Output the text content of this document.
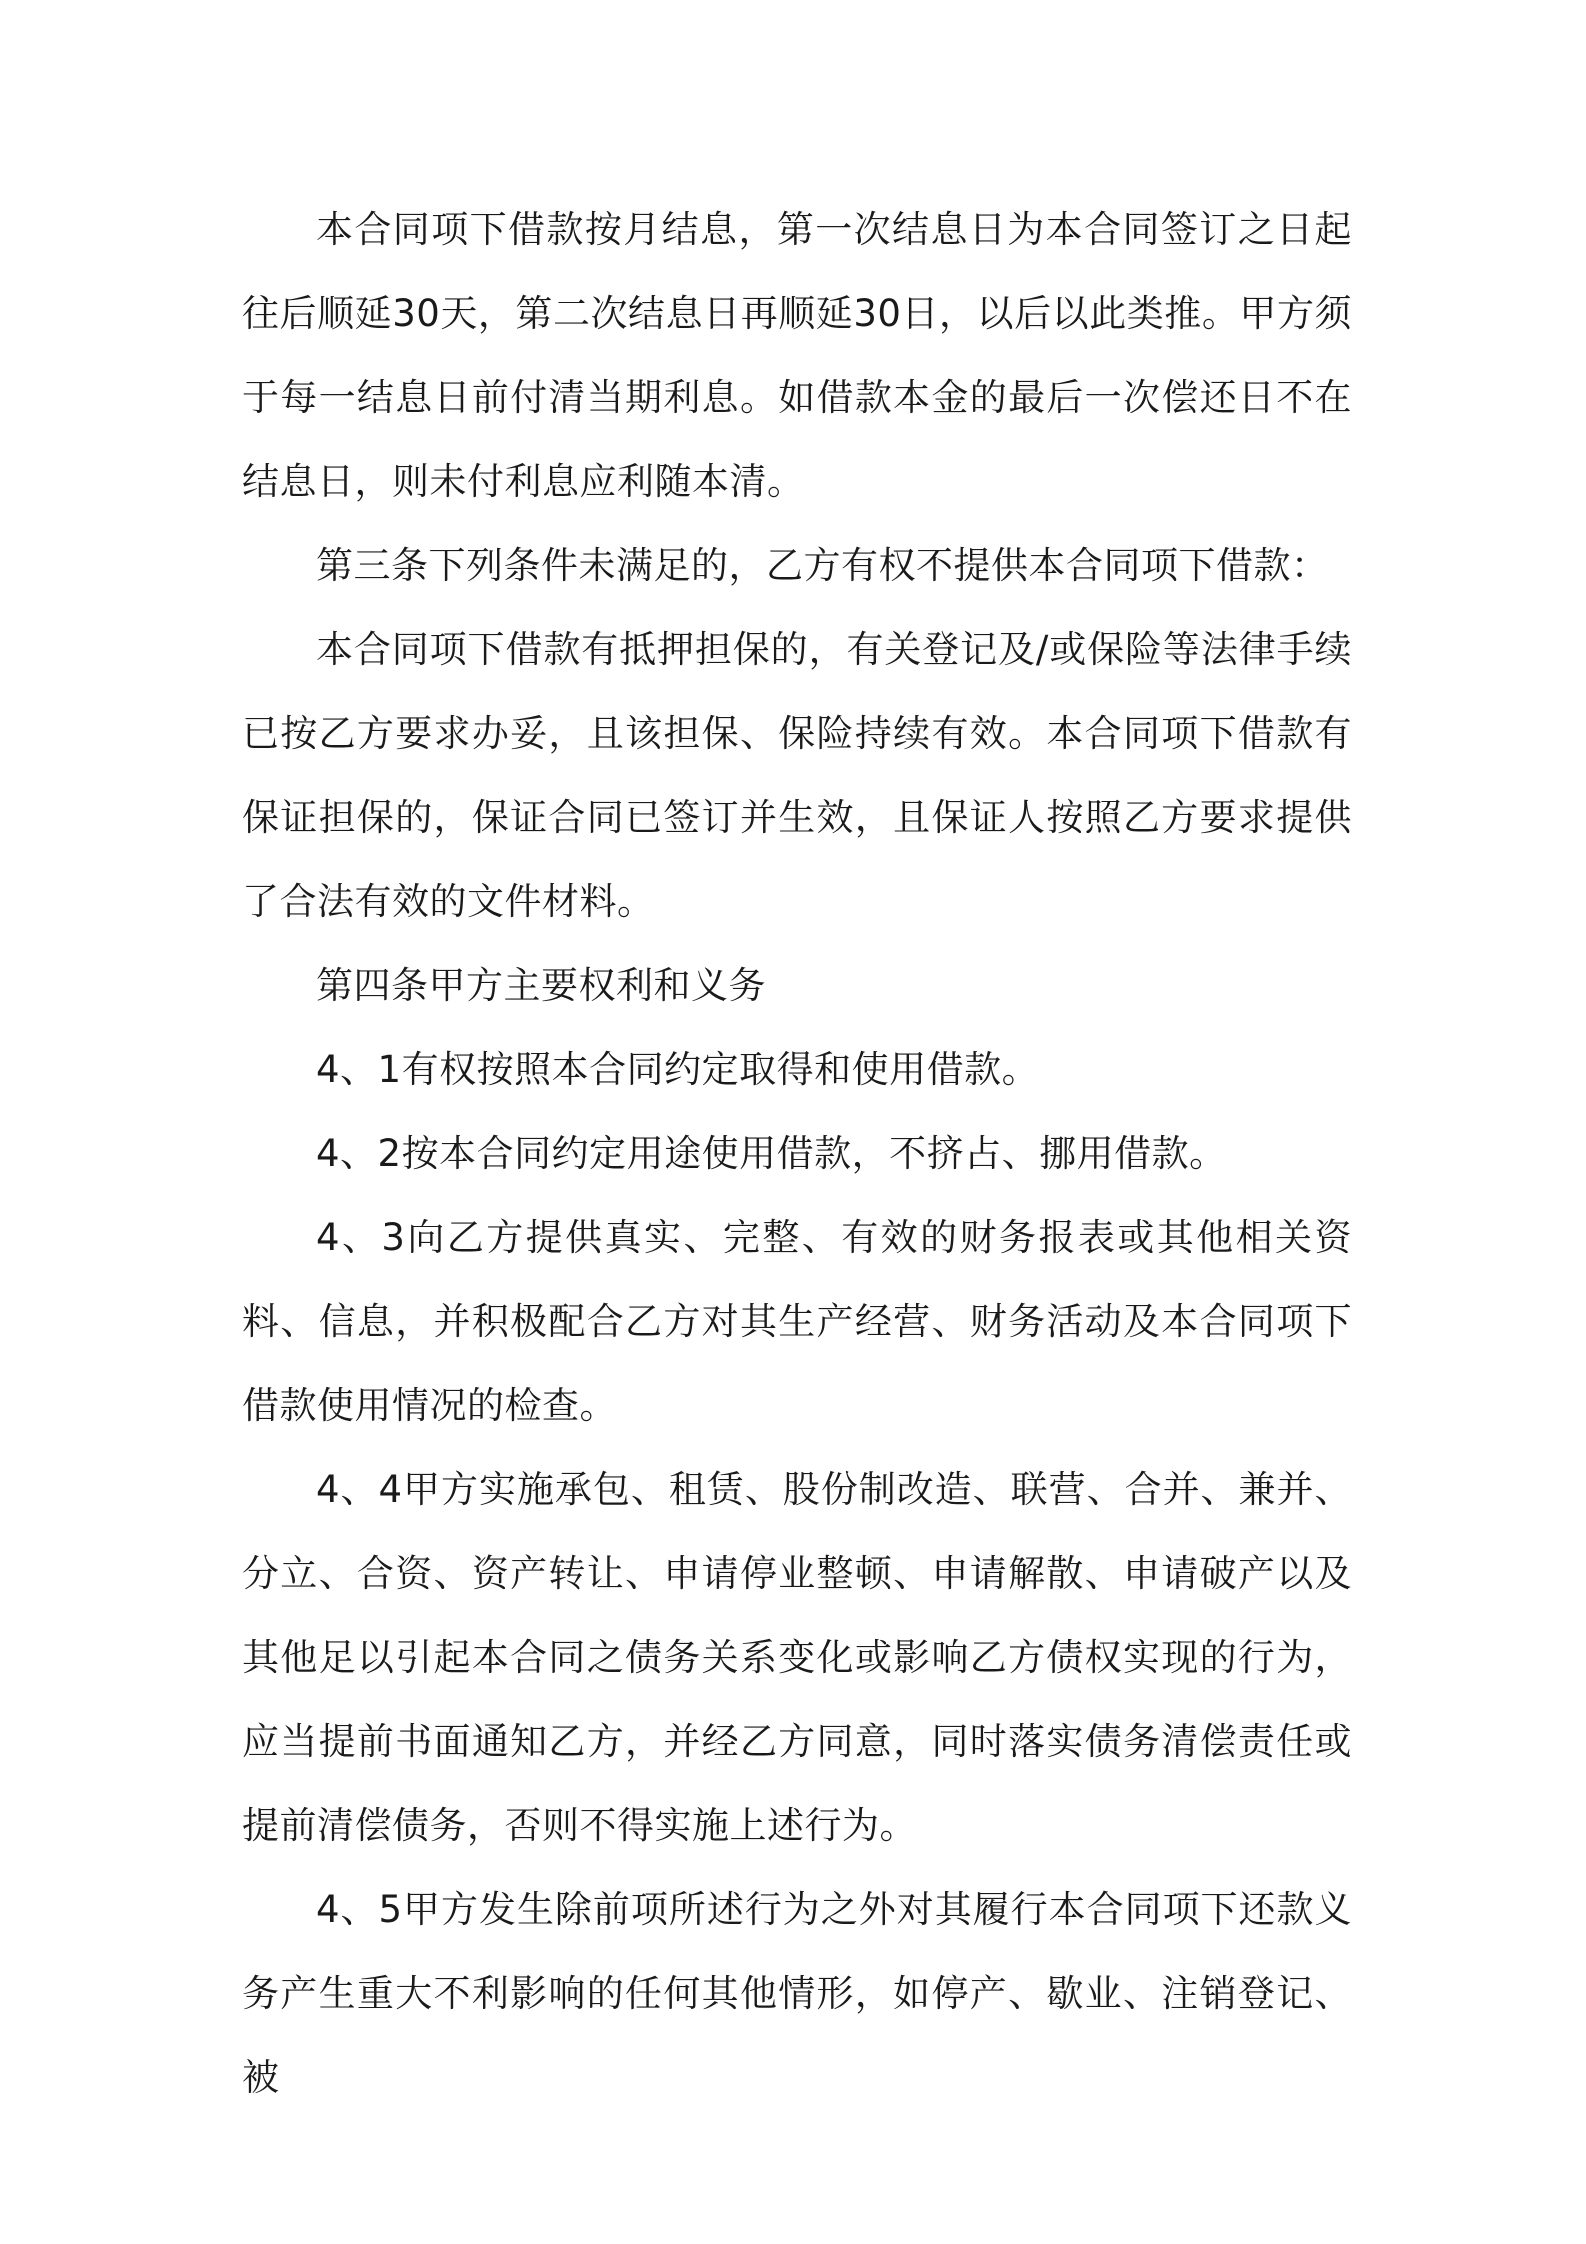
本合同项下借款按月结息，第一次结息日为本合同签订之日起往后顺延30天，第二次结息日再顺延30日，以后以此类推。甲方须于每一结息日前付清当期利息。如借款本金的最后一次偿还日不在结息日，则未付利息应利随本清。

第三条下列条件未满足的，乙方有权不提供本合同项下借款：

本合同项下借款有抵押担保的，有关登记及/或保险等法律手续已按乙方要求办妥，且该担保、保险持续有效。本合同项下借款有保证担保的，保证合同已签订并生效，且保证人按照乙方要求提供了合法有效的文件材料。

第四条甲方主要权利和义务

4、1有权按照本合同约定取得和使用借款。

4、2按本合同约定用途使用借款，不挤占、挪用借款。

4、3向乙方提供真实、完整、有效的财务报表或其他相关资料、信息，并积极配合乙方对其生产经营、财务活动及本合同项下借款使用情况的检查。

4、4甲方实施承包、租赁、股份制改造、联营、合并、兼并、分立、合资、资产转让、申请停业整顿、申请解散、申请破产以及其他足以引起本合同之债务关系变化或影响乙方债权实现的行为，应当提前书面通知乙方，并经乙方同意，同时落实债务清偿责任或提前清偿债务，否则不得实施上述行为。

4、5甲方发生除前项所述行为之外对其履行本合同项下还款义务产生重大不利影响的任何其他情形，如停产、歇业、注销登记、被
